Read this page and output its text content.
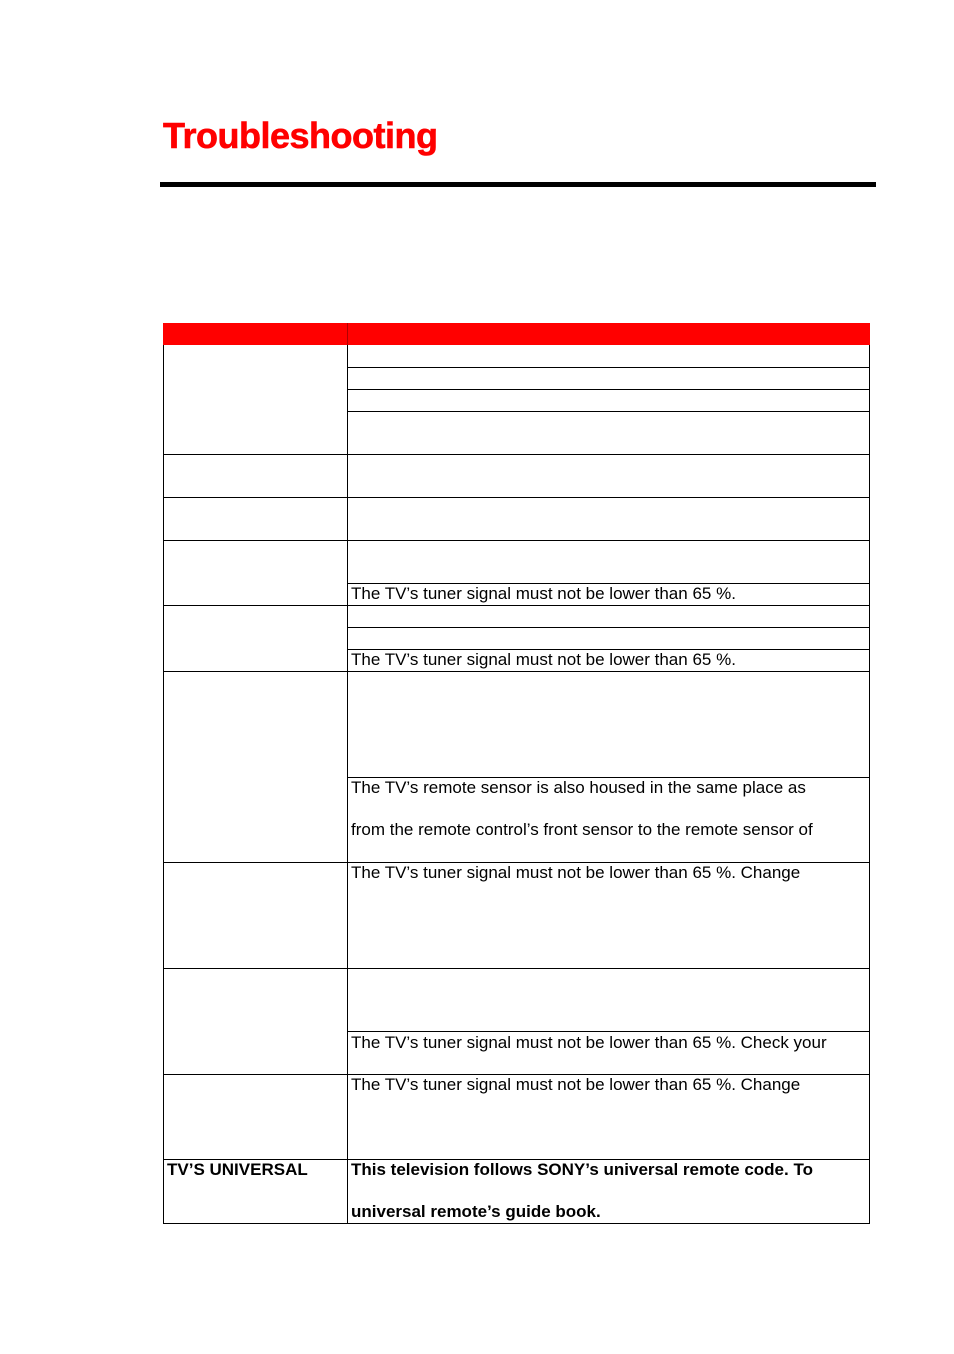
Troubleshooting
The TV’s tuner signal must not be lower than 65 %.
The TV’s tuner signal must not be lower than 65 %.
The TV’s remote sensor is also housed in the same place as
from the remote control’s front sensor to the remote sensor of
The TV’s tuner signal must not be lower than 65 %. Change
The TV’s tuner signal must not be lower than 65 %. Check your
The TV’s tuner signal must not be lower than 65 %. Change
TV’S UNIVERSAL	This television follows SONY’s universal remote code. To
universal remote’s guide book.
